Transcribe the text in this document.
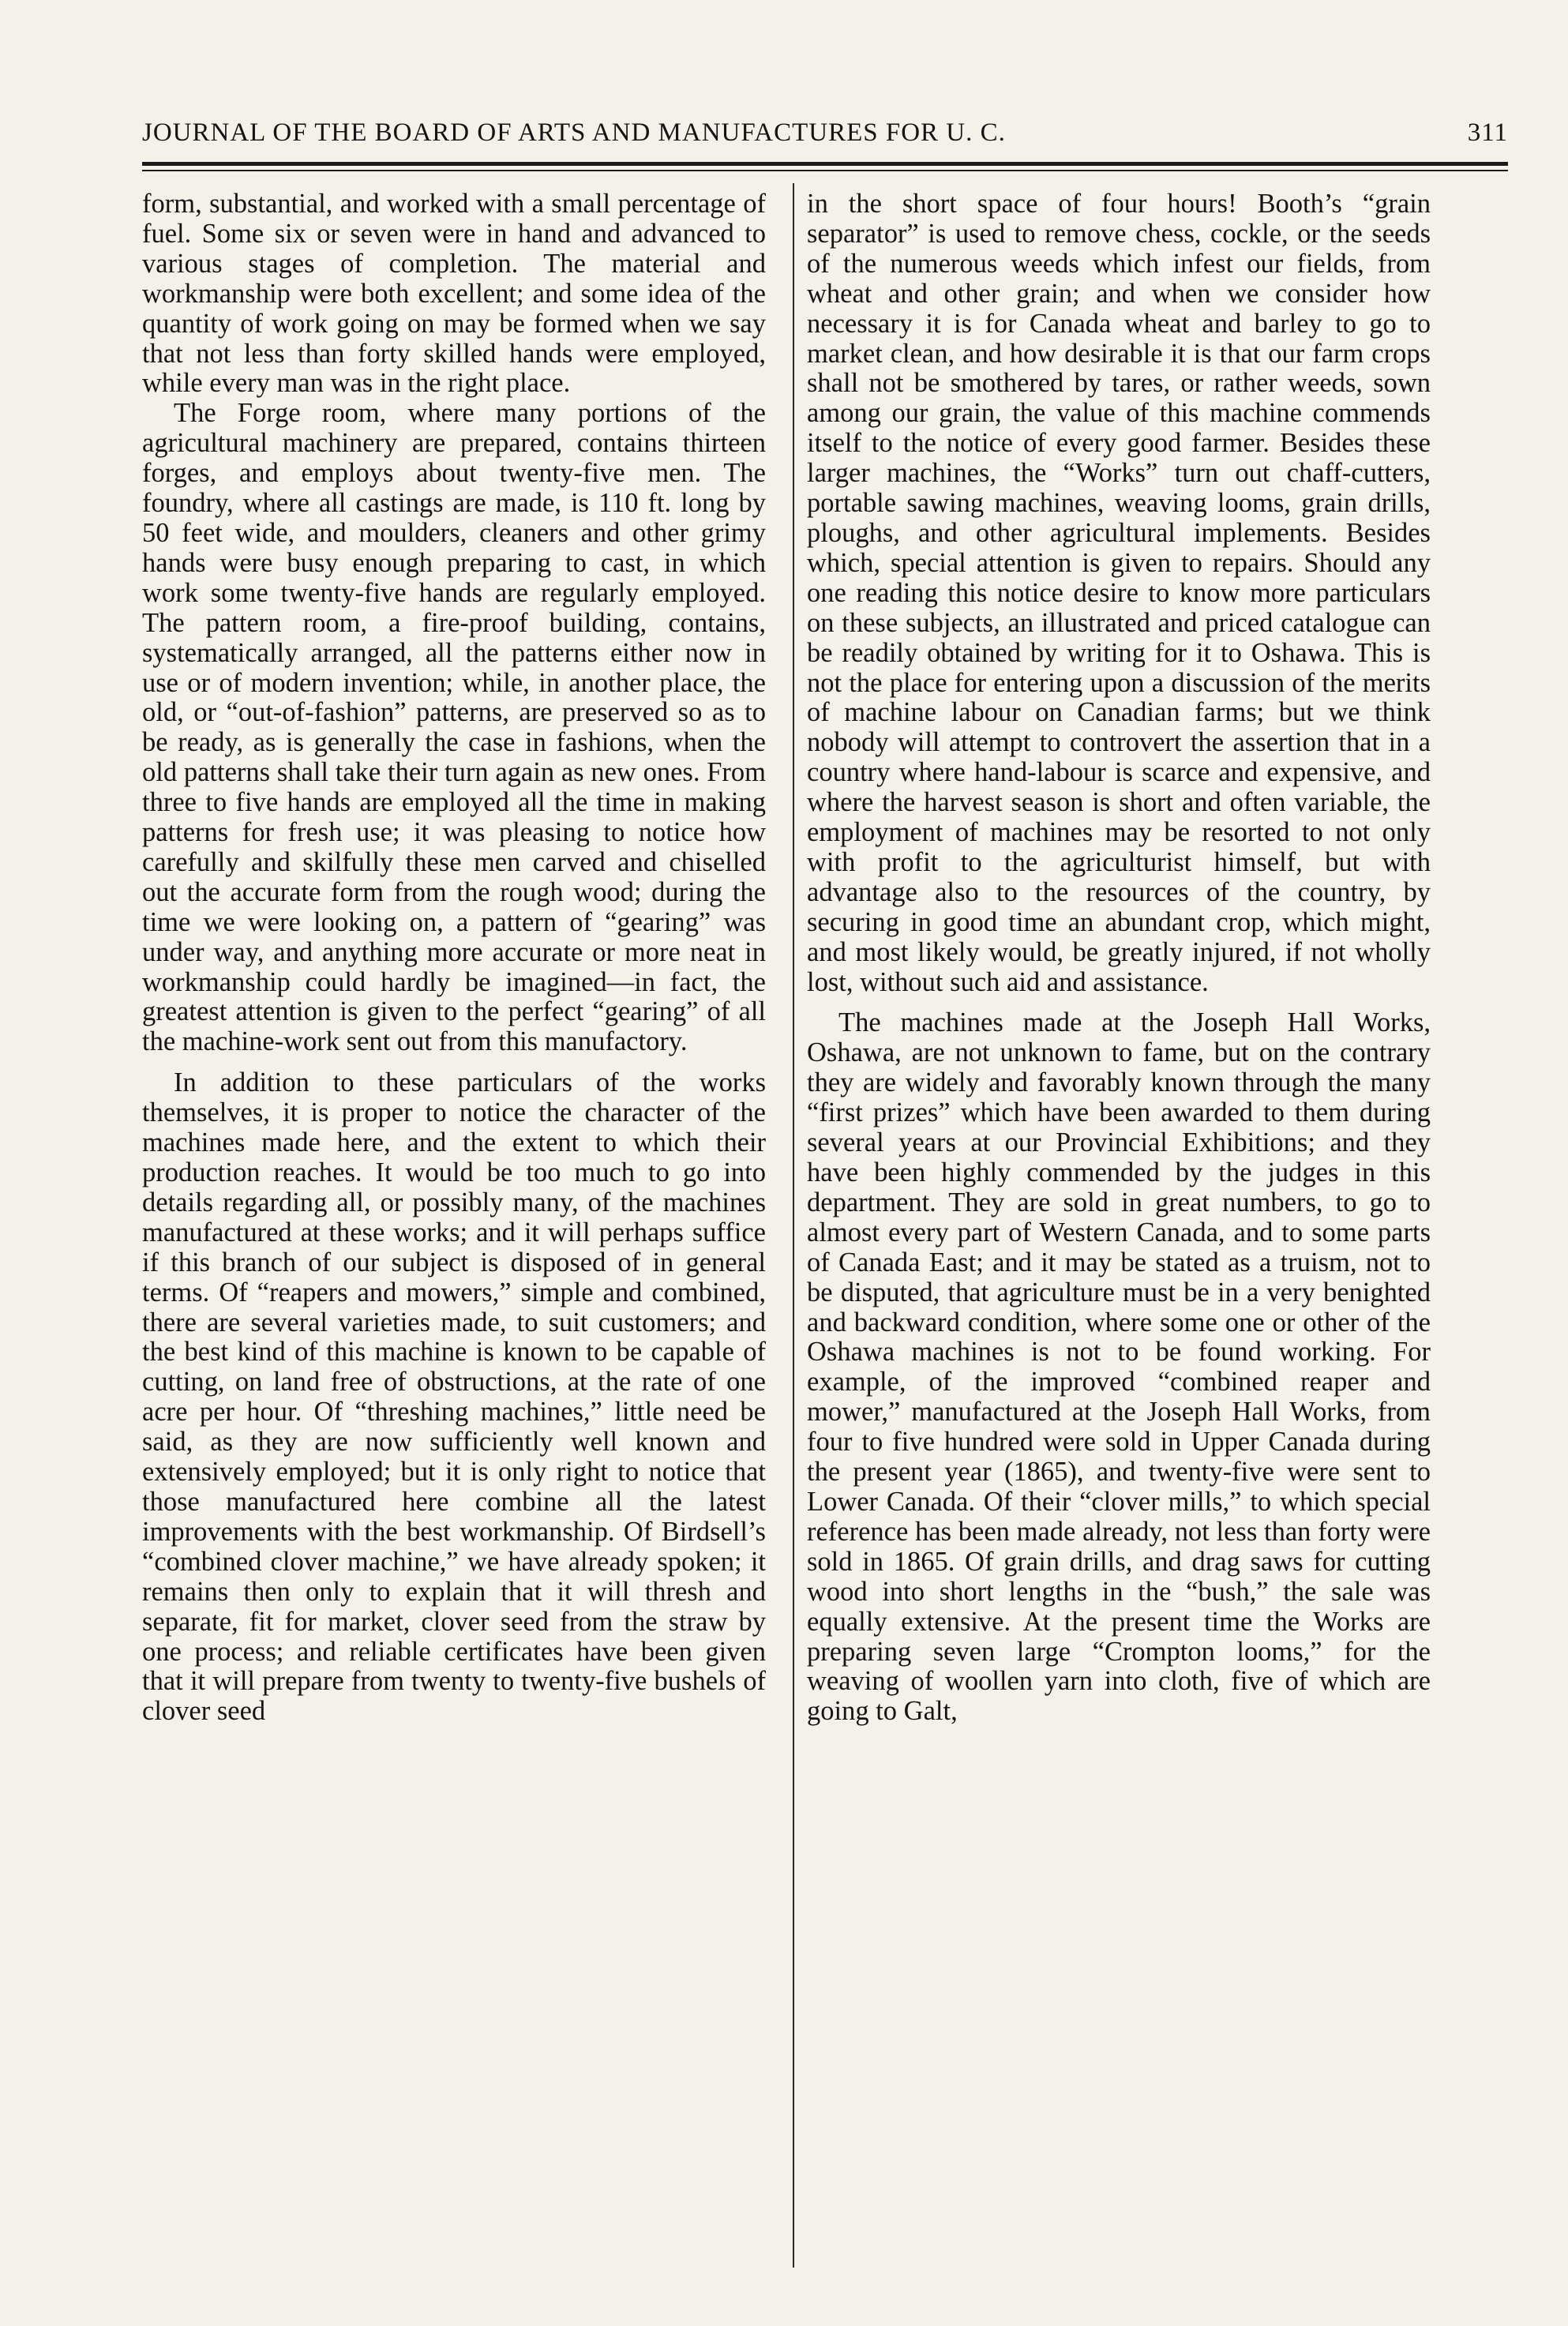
JOURNAL OF THE BOARD OF ARTS AND MANUFACTURES FOR U. C.	311

form, substantial, and worked with a small percentage of fuel. Some six or seven were in hand and advanced to various stages of completion. The material and workmanship were both excellent; and some idea of the quantity of work going on may be formed when we say that not less than forty skilled hands were employed, while every man was in the right place.

The Forge room, where many portions of the agricultural machinery are prepared, contains thirteen forges, and employs about twenty-five men. The foundry, where all castings are made, is 110 ft. long by 50 feet wide, and moulders, cleaners and other grimy hands were busy enough preparing to cast, in which work some twenty-five hands are regularly employed. The pattern room, a fire-proof building, contains, systematically arranged, all the patterns either now in use or of modern invention; while, in another place, the old, or “out-of-fashion” patterns, are preserved so as to be ready, as is generally the case in fashions, when the old patterns shall take their turn again as new ones. From three to five hands are employed all the time in making patterns for fresh use; it was pleasing to notice how carefully and skilfully these men carved and chiselled out the accurate form from the rough wood; during the time we were looking on, a pattern of “gearing” was under way, and anything more accurate or more neat in workmanship could hardly be imagined—in fact, the greatest attention is given to the perfect “gearing” of all the machine-work sent out from this manufactory.

In addition to these particulars of the works themselves, it is proper to notice the character of the machines made here, and the extent to which their production reaches. It would be too much to go into details regarding all, or possibly many, of the machines manufactured at these works; and it will perhaps suffice if this branch of our subject is disposed of in general terms. Of “reapers and mowers,” simple and combined, there are several varieties made, to suit customers; and the best kind of this machine is known to be capable of cutting, on land free of obstructions, at the rate of one acre per hour. Of “threshing machines,” little need be said, as they are now sufficiently well known and extensively employed; but it is only right to notice that those manufactured here combine all the latest improvements with the best workmanship. Of Birdsell’s “combined clover machine,” we have already spoken; it remains then only to explain that it will thresh and separate, fit for market, clover seed from the straw by one process; and reliable certificates have been given that it will prepare from twenty to twenty-five bushels of clover seed

in the short space of four hours! Booth’s “grain separator” is used to remove chess, cockle, or the seeds of the numerous weeds which infest our fields, from wheat and other grain; and when we consider how necessary it is for Canada wheat and barley to go to market clean, and how desirable it is that our farm crops shall not be smothered by tares, or rather weeds, sown among our grain, the value of this machine commends itself to the notice of every good farmer. Besides these larger machines, the “Works” turn out chaff-cutters, portable sawing machines, weaving looms, grain drills, ploughs, and other agricultural implements. Besides which, special attention is given to repairs. Should any one reading this notice desire to know more particulars on these subjects, an illustrated and priced catalogue can be readily obtained by writing for it to Oshawa. This is not the place for entering upon a discussion of the merits of machine labour on Canadian farms; but we think nobody will attempt to controvert the assertion that in a country where hand-labour is scarce and expensive, and where the harvest season is short and often variable, the employment of machines may be resorted to not only with profit to the agriculturist himself, but with advantage also to the resources of the country, by securing in good time an abundant crop, which might, and most likely would, be greatly injured, if not wholly lost, without such aid and assistance.

The machines made at the Joseph Hall Works, Oshawa, are not unknown to fame, but on the contrary they are widely and favorably known through the many “first prizes” which have been awarded to them during several years at our Provincial Exhibitions; and they have been highly commended by the judges in this department. They are sold in great numbers, to go to almost every part of Western Canada, and to some parts of Canada East; and it may be stated as a truism, not to be disputed, that agriculture must be in a very benighted and backward condition, where some one or other of the Oshawa machines is not to be found working. For example, of the improved “combined reaper and mower,” manufactured at the Joseph Hall Works, from four to five hundred were sold in Upper Canada during the present year (1865), and twenty-five were sent to Lower Canada. Of their “clover mills,” to which special reference has been made already, not less than forty were sold in 1865. Of grain drills, and drag saws for cutting wood into short lengths in the “bush,” the sale was equally extensive. At the present time the Works are preparing seven large “Crompton looms,” for the weaving of woollen yarn into cloth, five of which are going to Galt,
